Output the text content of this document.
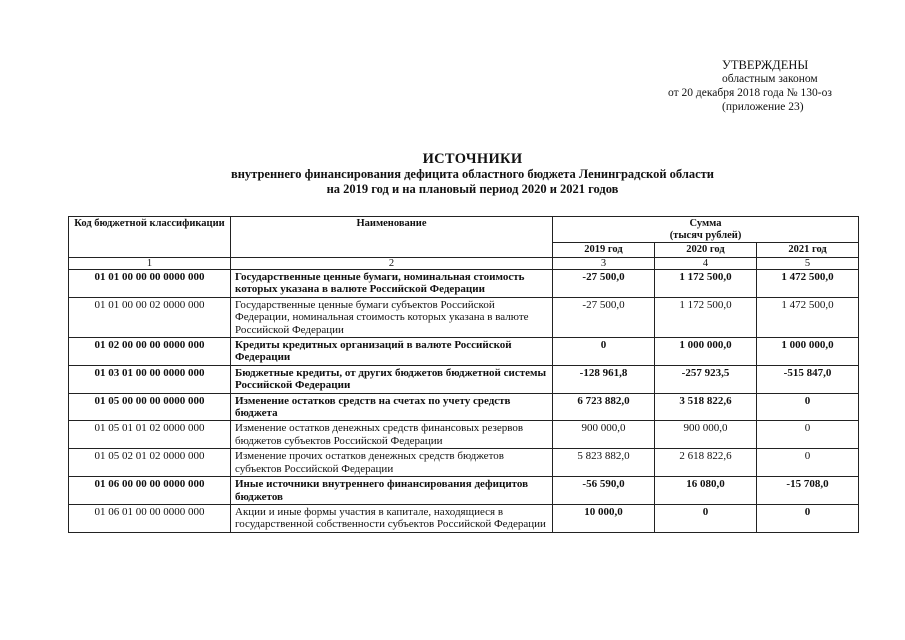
УТВЕРЖДЕНЫ
областным законом
от 20 декабря 2018 года № 130-оз
(приложение 23)
ИСТОЧНИКИ
внутреннего финансирования дефицита областного бюджета Ленинградской области
на 2019 год и на плановый период 2020 и 2021 годов
Код бюджетной классификации	Наименование	Сумма
(тысяч рублей)		

		2019 год	2020 год	2021 год
1	2	3	4	5
01 01 00 00 00 0000 000	Государственные ценные бумаги, номинальная стоимость которых указана в валюте Российской Федерации	-27 500,0	1 172 500,0	1 472 500,0
01 01 00 00 02 0000 000	Государственные ценные бумаги субъектов Российской Федерации, номинальная стоимость которых указана в валюте Российской Федерации	-27 500,0	1 172 500,0	1 472 500,0
01 02 00 00 00 0000 000	Кредиты кредитных организаций в валюте Российской Федерации	0	1 000 000,0	1 000 000,0
01 03 01 00 00 0000 000	Бюджетные кредиты, от других бюджетов бюджетной системы Российской Федерации	-128 961,8	-257 923,5	-515 847,0
01 05 00 00 00 0000 000	Изменение остатков средств на счетах по учету средств бюджета	6 723 882,0	3 518 822,6	0
01 05 01 01 02 0000 000	Изменение остатков денежных средств финансовых резервов бюджетов субъектов Российской Федерации	900 000,0	900 000,0	0
01 05 02 01 02 0000 000	Изменение прочих остатков денежных средств бюджетов субъектов Российской Федерации	5 823 882,0	2 618 822,6	0
01 06 00 00 00 0000 000	Иные источники внутреннего финансирования дефицитов бюджетов	-56 590,0	16 080,0	-15 708,0
01 06 01 00 00 0000 000	Акции и иные формы участия в капитале, находящиеся в государственной собственности субъектов Российской Федерации	10 000,0	0	0
